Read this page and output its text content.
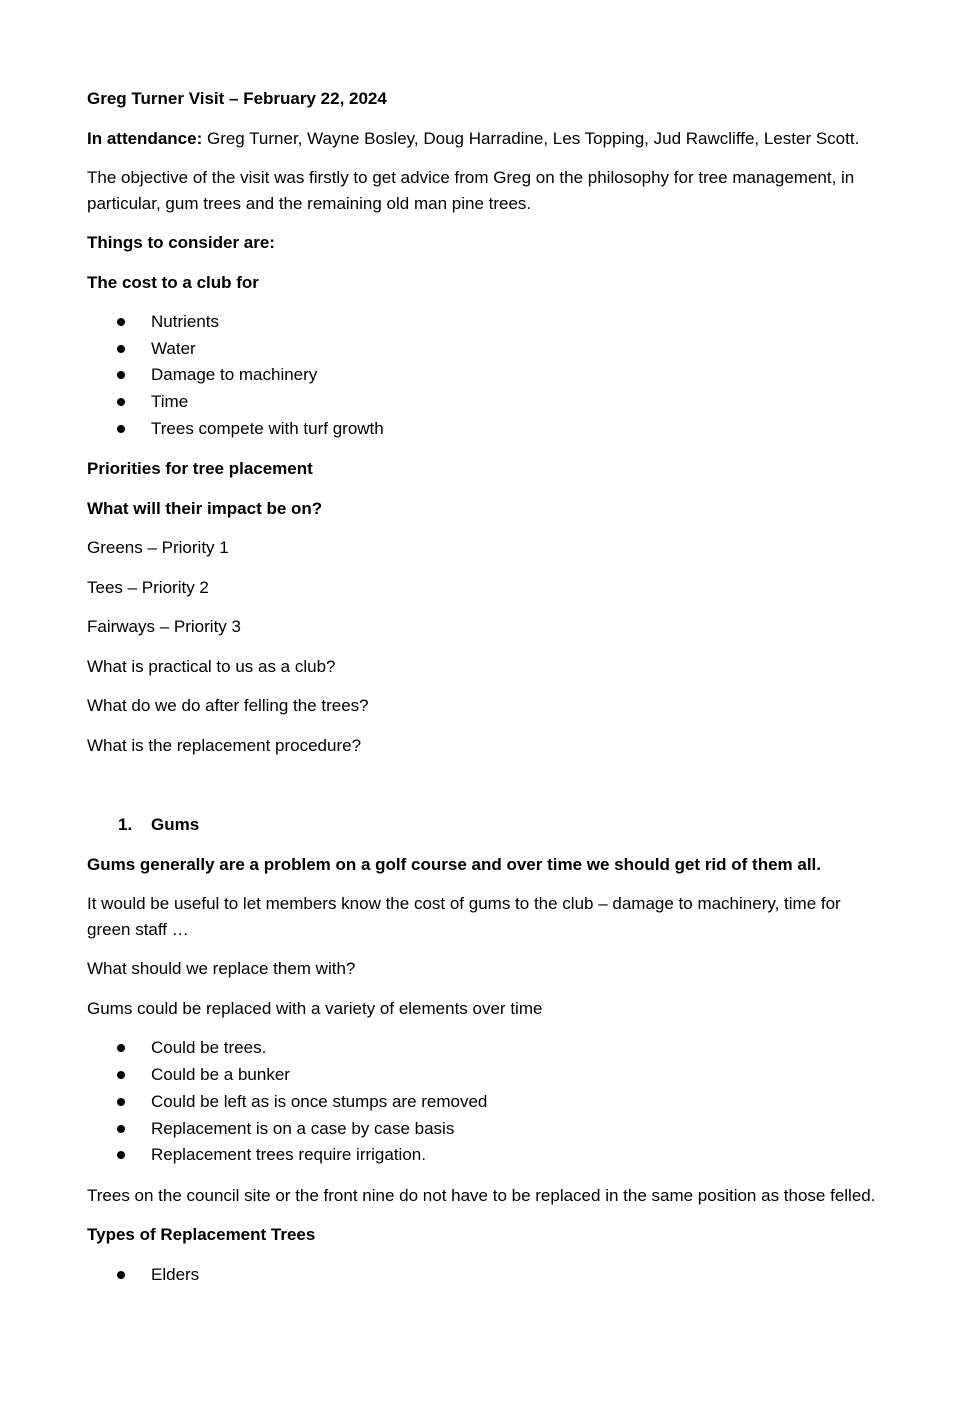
Greg Turner Visit – February 22, 2024

In attendance: Greg Turner, Wayne Bosley, Doug Harradine, Les Topping, Jud Rawcliffe, Lester Scott.

The objective of the visit was firstly to get advice from Greg on the philosophy for tree management, in particular, gum trees and the remaining old man pine trees.

Things to consider are:

The cost to a club for

Nutrients
Water
Damage to machinery
Time
Trees compete with turf growth

Priorities for tree placement

What will their impact be on?

Greens – Priority 1

Tees – Priority 2

Fairways – Priority 3

What is practical to us as a club?

What do we do after felling the trees?

What is the replacement procedure?

1. Gums

Gums generally are a problem on a golf course and over time we should get rid of them all.

It would be useful to let members know the cost of gums to the club – damage to machinery, time for green staff …

What should we replace them with?

Gums could be replaced with a variety of elements over time

Could be trees.
Could be a bunker
Could be left as is once stumps are removed
Replacement is on a case by case basis
Replacement trees require irrigation.

Trees on the council site or the front nine do not have to be replaced in the same position as those felled.

Types of Replacement Trees

Elders
